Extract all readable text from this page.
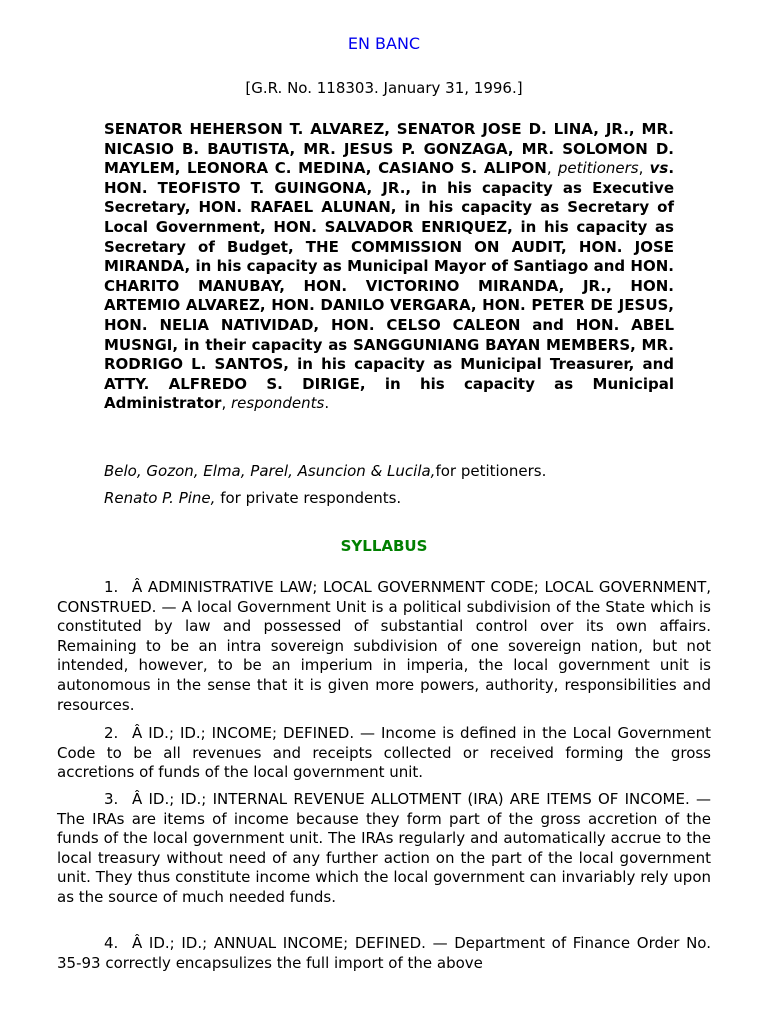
EN BANC
[G.R. No. 118303. January 31, 1996.]
SENATOR HEHERSON T. ALVAREZ, SENATOR JOSE D. LINA, JR., MR. NICASIO B. BAUTISTA, MR. JESUS P. GONZAGA, MR. SOLOMON D. MAYLEM, LEONORA C. MEDINA, CASIANO S. ALIPON, petitioners, vs. HON. TEOFISTO T. GUINGONA, JR., in his capacity as Executive Secretary, HON. RAFAEL ALUNAN, in his capacity as Secretary of Local Government, HON. SALVADOR ENRIQUEZ, in his capacity as Secretary of Budget, THE COMMISSION ON AUDIT, HON. JOSE MIRANDA, in his capacity as Municipal Mayor of Santiago and HON. CHARITO MANUBAY, HON. VICTORINO MIRANDA, JR., HON. ARTEMIO ALVAREZ, HON. DANILO VERGARA, HON. PETER DE JESUS, HON. NELIA NATIVIDAD, HON. CELSO CALEON and HON. ABEL MUSNGI, in their capacity as SANGGUNIANG BAYAN MEMBERS, MR. RODRIGO L. SANTOS, in his capacity as Municipal Treasurer, and ATTY. ALFREDO S. DIRIGE, in his capacity as Municipal Administrator, respondents.
Belo, Gozon, Elma, Parel, Asuncion & Lucila,for petitioners.
Renato P. Pine, for private respondents.
SYLLABUS
1. Â ADMINISTRATIVE LAW; LOCAL GOVERNMENT CODE; LOCAL GOVERNMENT, CONSTRUED. — A local Government Unit is a political subdivision of the State which is constituted by law and possessed of substantial control over its own affairs. Remaining to be an intra sovereign subdivision of one sovereign nation, but not intended, however, to be an imperium in imperia, the local government unit is autonomous in the sense that it is given more powers, authority, responsibilities and resources.
2. Â ID.; ID.; INCOME; DEFINED. — Income is defined in the Local Government Code to be all revenues and receipts collected or received forming the gross accretions of funds of the local government unit.
3. Â ID.; ID.; INTERNAL REVENUE ALLOTMENT (IRA) ARE ITEMS OF INCOME. — The IRAs are items of income because they form part of the gross accretion of the funds of the local government unit. The IRAs regularly and automatically accrue to the local treasury without need of any further action on the part of the local government unit. They thus constitute income which the local government can invariably rely upon as the source of much needed funds.
4. Â ID.; ID.; ANNUAL INCOME; DEFINED. — Department of Finance Order No. 35-93 correctly encapsulizes the full import of the above
